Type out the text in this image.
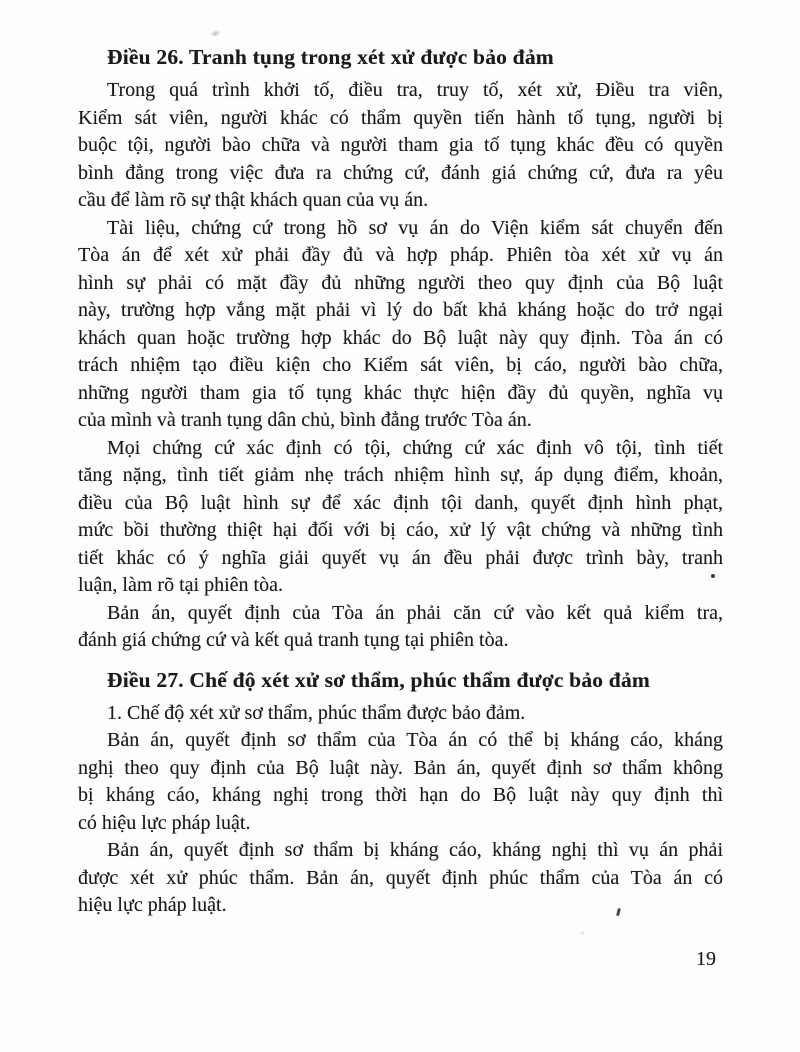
Điều 26. Tranh tụng trong xét xử được bảo đảm
Trong quá trình khởi tố, điều tra, truy tố, xét xử, Điều tra viên,
Kiểm sát viên, người khác có thẩm quyền tiến hành tố tụng, người bị
buộc tội, người bào chữa và người tham gia tố tụng khác đều có quyền
bình đẳng trong việc đưa ra chứng cứ, đánh giá chứng cứ, đưa ra yêu
cầu để làm rõ sự thật khách quan của vụ án.
Tài liệu, chứng cứ trong hồ sơ vụ án do Viện kiểm sát chuyển đến
Tòa án để xét xử phải đầy đủ và hợp pháp. Phiên tòa xét xử vụ án
hình sự phải có mặt đầy đủ những người theo quy định của Bộ luật
này, trường hợp vắng mặt phải vì lý do bất khả kháng hoặc do trở ngại
khách quan hoặc trường hợp khác do Bộ luật này quy định. Tòa án có
trách nhiệm tạo điều kiện cho Kiểm sát viên, bị cáo, người bào chữa,
những người tham gia tố tụng khác thực hiện đầy đủ quyền, nghĩa vụ
của mình và tranh tụng dân chủ, bình đẳng trước Tòa án.
Mọi chứng cứ xác định có tội, chứng cứ xác định vô tội, tình tiết
tăng nặng, tình tiết giảm nhẹ trách nhiệm hình sự, áp dụng điểm, khoản,
điều của Bộ luật hình sự để xác định tội danh, quyết định hình phạt,
mức bồi thường thiệt hại đối với bị cáo, xử lý vật chứng và những tình
tiết khác có ý nghĩa giải quyết vụ án đều phải được trình bày, tranh
luận, làm rõ tại phiên tòa.
Bản án, quyết định của Tòa án phải căn cứ vào kết quả kiểm tra,
đánh giá chứng cứ và kết quả tranh tụng tại phiên tòa.
Điều 27. Chế độ xét xử sơ thẩm, phúc thẩm được bảo đảm
1. Chế độ xét xử sơ thẩm, phúc thẩm được bảo đảm.
Bản án, quyết định sơ thẩm của Tòa án có thể bị kháng cáo, kháng
nghị theo quy định của Bộ luật này. Bản án, quyết định sơ thẩm không
bị kháng cáo, kháng nghị trong thời hạn do Bộ luật này quy định thì
có hiệu lực pháp luật.
Bản án, quyết định sơ thẩm bị kháng cáo, kháng nghị thì vụ án phải
được xét xử phúc thẩm. Bản án, quyết định phúc thẩm của Tòa án có
hiệu lực pháp luật.
19
